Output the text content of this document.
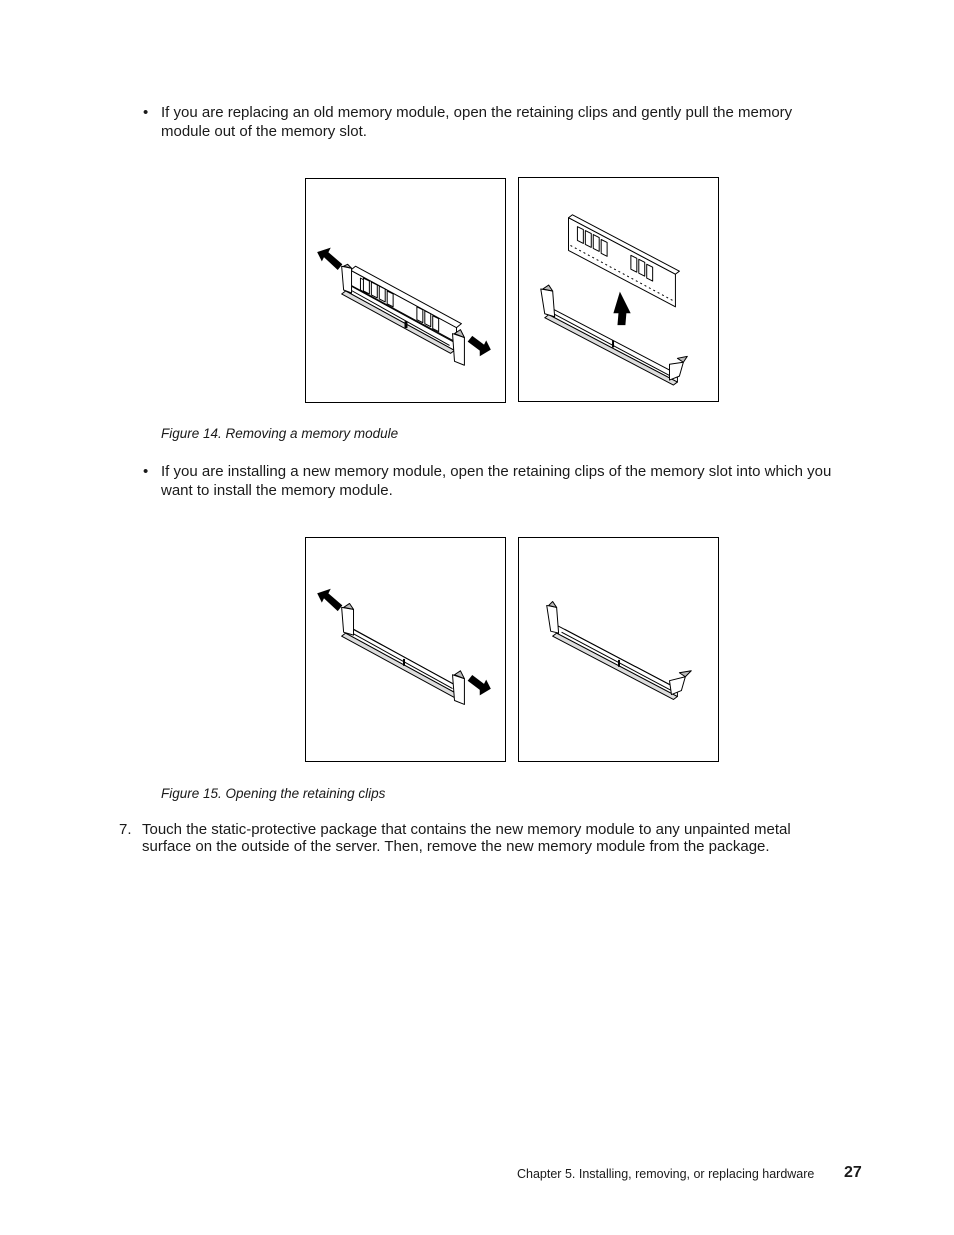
• If you are replacing an old memory module, open the retaining clips and gently pull the memory
module out of the memory slot.
Figure 14. Removing a memory module
• If you are installing a new memory module, open the retaining clips of the memory slot into which you
want to install the memory module.
Figure 15. Opening the retaining clips
7. Touch the static-protective package that contains the new memory module to any unpainted metal
surface on the outside of the server. Then, remove the new memory module from the package.
Chapter 5. Installing, removing, or replacing hardware 27
